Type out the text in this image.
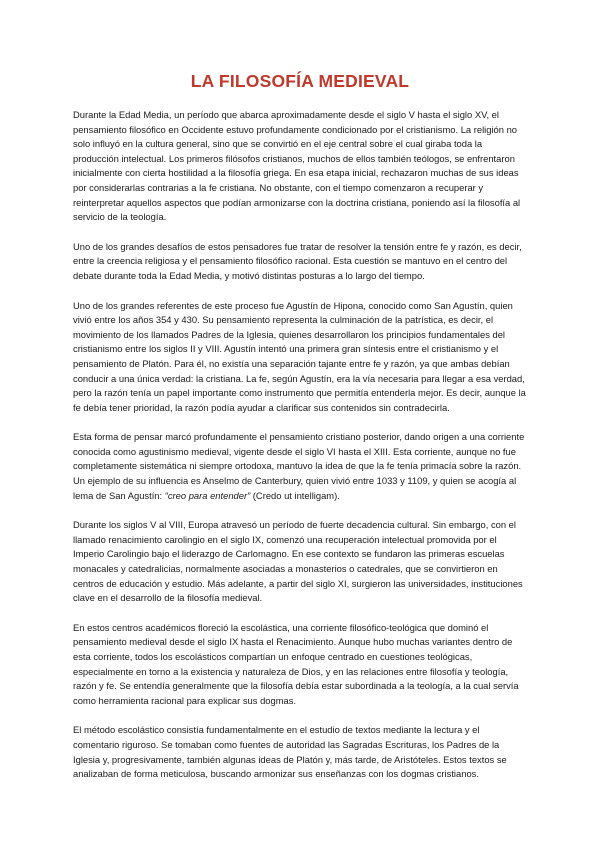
LA FILOSOFÍA MEDIEVAL

Durante la Edad Media, un período que abarca aproximadamente desde el siglo V hasta el siglo XV, el pensamiento filosófico en Occidente estuvo profundamente condicionado por el cristianismo. La religión no solo influyó en la cultura general, sino que se convirtió en el eje central sobre el cual giraba toda la producción intelectual. Los primeros filósofos cristianos, muchos de ellos también teólogos, se enfrentaron inicialmente con cierta hostilidad a la filosofía griega. En esa etapa inicial, rechazaron muchas de sus ideas por considerarlas contrarias a la fe cristiana. No obstante, con el tiempo comenzaron a recuperar y reinterpretar aquellos aspectos que podían armonizarse con la doctrina cristiana, poniendo así la filosofía al servicio de la teología.

Uno de los grandes desafíos de estos pensadores fue tratar de resolver la tensión entre fe y razón, es decir, entre la creencia religiosa y el pensamiento filosófico racional. Esta cuestión se mantuvo en el centro del debate durante toda la Edad Media, y motivó distintas posturas a lo largo del tiempo.

Uno de los grandes referentes de este proceso fue Agustín de Hipona, conocido como San Agustín, quien vivió entre los años 354 y 430. Su pensamiento representa la culminación de la patrística, es decir, el movimiento de los llamados Padres de la Iglesia, quienes desarrollaron los principios fundamentales del cristianismo entre los siglos II y VIII. Agustín intentó una primera gran síntesis entre el cristianismo y el pensamiento de Platón. Para él, no existía una separación tajante entre fe y razón, ya que ambas debían conducir a una única verdad: la cristiana. La fe, según Agustín, era la vía necesaria para llegar a esa verdad, pero la razón tenía un papel importante como instrumento que permitía entenderla mejor. Es decir, aunque la fe debía tener prioridad, la razón podía ayudar a clarificar sus contenidos sin contradecirla.

Esta forma de pensar marcó profundamente el pensamiento cristiano posterior, dando origen a una corriente conocida como agustinismo medieval, vigente desde el siglo VI hasta el XIII. Esta corriente, aunque no fue completamente sistemática ni siempre ortodoxa, mantuvo la idea de que la fe tenía primacía sobre la razón. Un ejemplo de su influencia es Anselmo de Canterbury, quien vivió entre 1033 y 1109, y quien se acogía al lema de San Agustín: “creo para entender” (Credo ut intelligam).

Durante los siglos V al VIII, Europa atravesó un período de fuerte decadencia cultural. Sin embargo, con el llamado renacimiento carolingio en el siglo IX, comenzó una recuperación intelectual promovida por el Imperio Carolingio bajo el liderazgo de Carlomagno. En ese contexto se fundaron las primeras escuelas monacales y catedralicias, normalmente asociadas a monasterios o catedrales, que se convirtieron en centros de educación y estudio. Más adelante, a partir del siglo XI, surgieron las universidades, instituciones clave en el desarrollo de la filosofía medieval.

En estos centros académicos floreció la escolástica, una corriente filosófico-teológica que dominó el pensamiento medieval desde el siglo IX hasta el Renacimiento. Aunque hubo muchas variantes dentro de esta corriente, todos los escolásticos compartían un enfoque centrado en cuestiones teológicas, especialmente en torno a la existencia y naturaleza de Dios, y en las relaciones entre filosofía y teología, razón y fe. Se entendía generalmente que la filosofía debía estar subordinada a la teología, a la cual servía como herramienta racional para explicar sus dogmas.

El método escolástico consistía fundamentalmente en el estudio de textos mediante la lectura y el comentario riguroso. Se tomaban como fuentes de autoridad las Sagradas Escrituras, los Padres de la Iglesia y, progresivamente, también algunas ideas de Platón y, más tarde, de Aristóteles. Estos textos se analizaban de forma meticulosa, buscando armonizar sus enseñanzas con los dogmas cristianos.
